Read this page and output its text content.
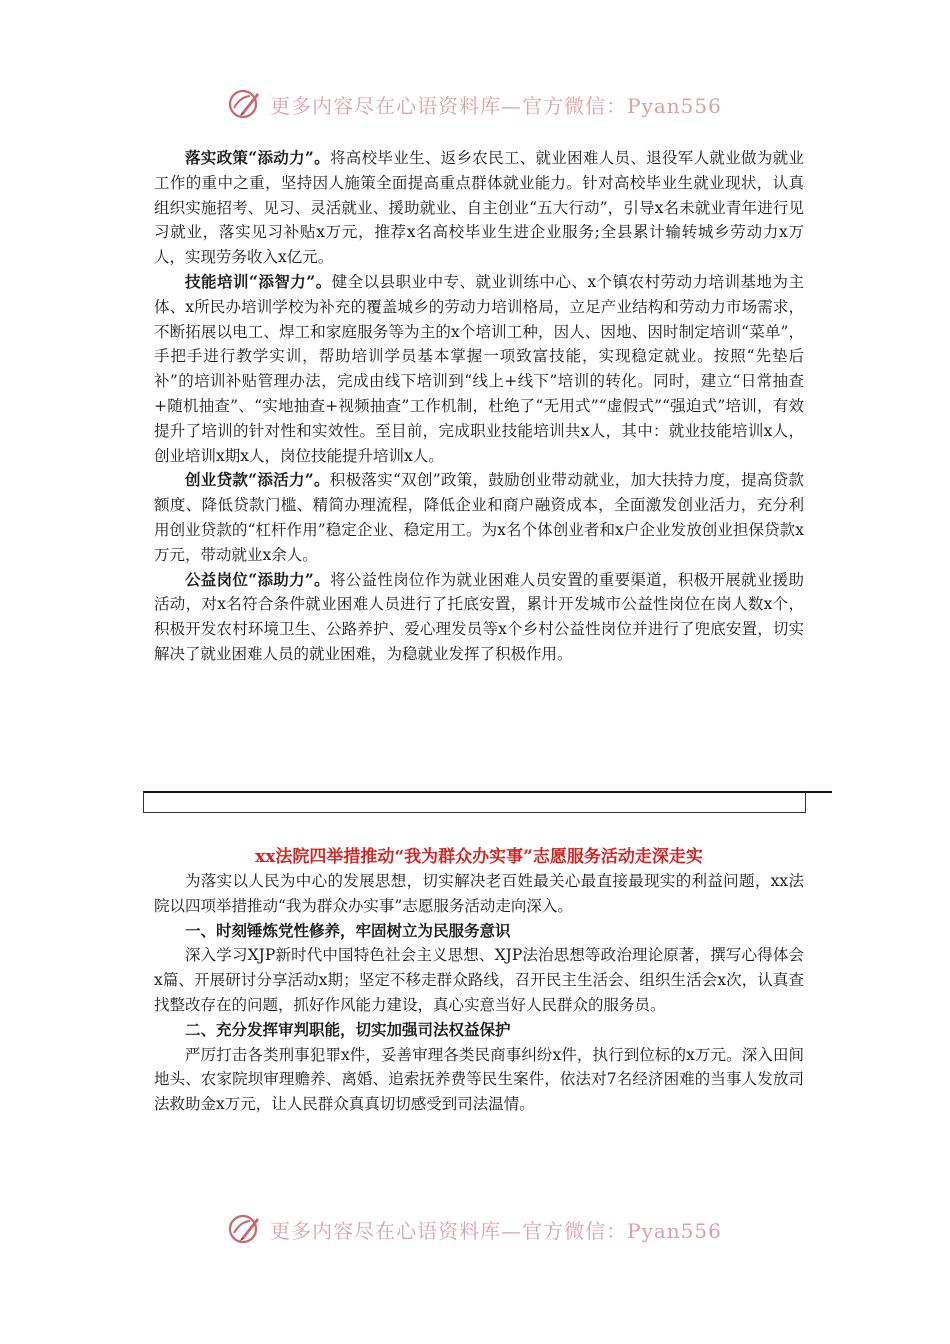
更多内容尽在心语资料库—官方微信：Pyan556

落实政策“添动力”。将高校毕业生、返乡农民工、就业困难人员、退役军人就业做为就业工作的重中之重，坚持因人施策全面提高重点群体就业能力。针对高校毕业生就业现状，认真组织实施招考、见习、灵活就业、援助就业、自主创业“五大行动”，引导x名未就业青年进行见习就业，落实见习补贴x万元，推荐x名高校毕业生进企业服务;全县累计输转城乡劳动力x万人，实现劳务收入x亿元。

技能培训“添智力”。健全以县职业中专、就业训练中心、x个镇农村劳动力培训基地为主体、x所民办培训学校为补充的覆盖城乡的劳动力培训格局，立足产业结构和劳动力市场需求，不断拓展以电工、焊工和家庭服务等为主的x个培训工种，因人、因地、因时制定培训“菜单”，手把手进行教学实训，帮助培训学员基本掌握一项致富技能，实现稳定就业。按照“先垫后补”的培训补贴管理办法，完成由线下培训到“线上+线下”培训的转化。同时，建立“日常抽查+随机抽查”、“实地抽查+视频抽查”工作机制，杜绝了“无用式”“虚假式”“强迫式”培训，有效提升了培训的针对性和实效性。至目前，完成职业技能培训共x人，其中：就业技能培训x人，创业培训x期x人，岗位技能提升培训x人。

创业贷款“添活力”。积极落实“双创”政策，鼓励创业带动就业，加大扶持力度，提高贷款额度、降低贷款门槛、精简办理流程，降低企业和商户融资成本，全面激发创业活力，充分利用创业贷款的“杠杆作用”稳定企业、稳定用工。为x名个体创业者和x户企业发放创业担保贷款x万元，带动就业x余人。

公益岗位“添助力”。将公益性岗位作为就业困难人员安置的重要渠道，积极开展就业援助活动，对x名符合条件就业困难人员进行了托底安置，累计开发城市公益性岗位在岗人数x个，积极开发农村环境卫生、公路养护、爱心理发员等x个乡村公益性岗位并进行了兜底安置，切实解决了就业困难人员的就业困难，为稳就业发挥了积极作用。

xx法院四举措推动“我为群众办实事”志愿服务活动走深走实

为落实以人民为中心的发展思想，切实解决老百姓最关心最直接最现实的利益问题，xx法院以四项举措推动“我为群众办实事”志愿服务活动走向深入。

一、时刻锤炼党性修养，牢固树立为民服务意识

深入学习XJP新时代中国特色社会主义思想、XJP法治思想等政治理论原著，撰写心得体会x篇、开展研讨分享活动x期；坚定不移走群众路线，召开民主生活会、组织生活会x次，认真查找整改存在的问题，抓好作风能力建设，真心实意当好人民群众的服务员。

二、充分发挥审判职能，切实加强司法权益保护

严厉打击各类刑事犯罪x件，妥善审理各类民商事纠纷x件，执行到位标的x万元。深入田间地头、农家院坝审理赡养、离婚、追索抚养费等民生案件，依法对7名经济困难的当事人发放司法救助金x万元，让人民群众真真切切感受到司法温情。

更多内容尽在心语资料库—官方微信：Pyan556
